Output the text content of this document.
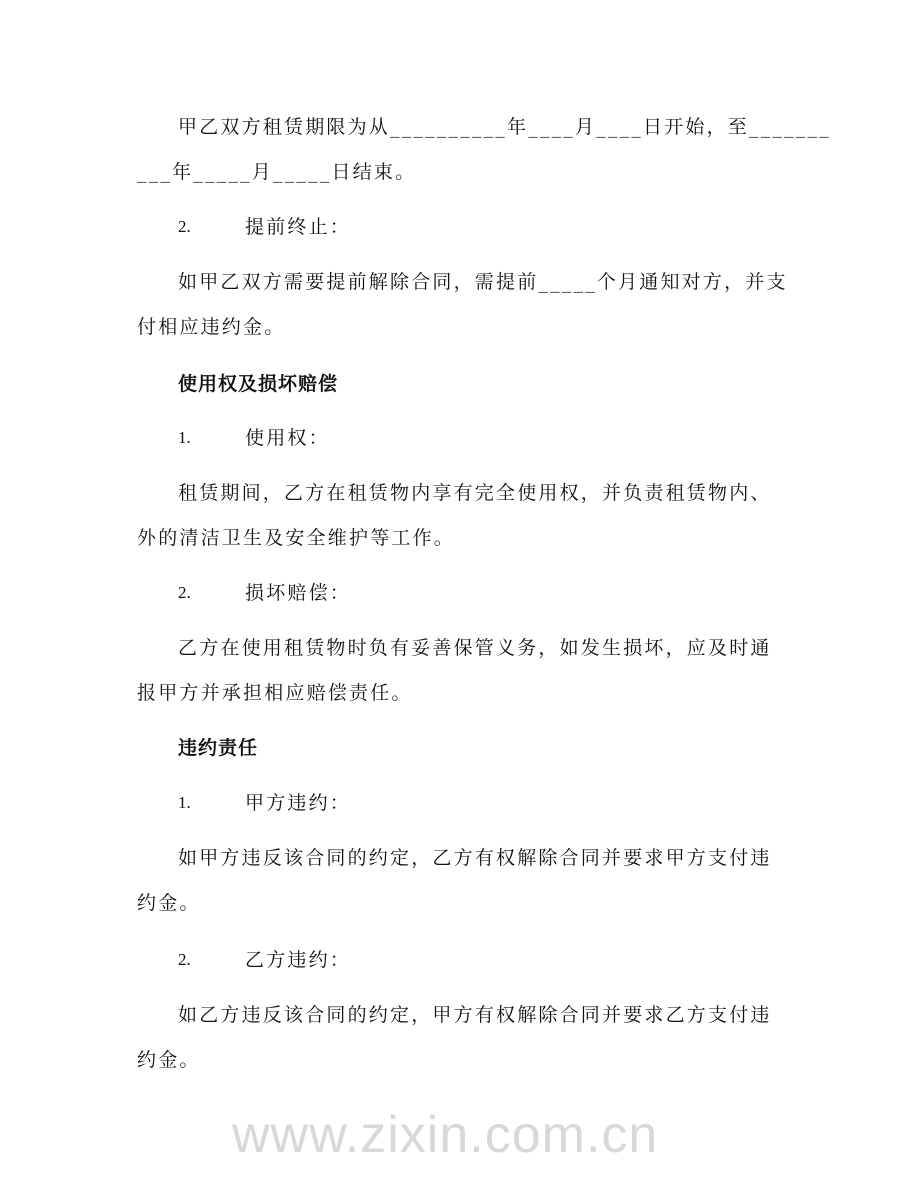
www.zixin.com.cn
甲乙双方租赁期限为从__________年____月____日开始，至_______
___年_____月_____日结束。
2.	提前终止：
如甲乙双方需要提前解除合同，需提前_____个月通知对方，并支
付相应违约金。
使用权及损坏赔偿
1.	使用权：
租赁期间，乙方在租赁物内享有完全使用权，并负责租赁物内、
外的清洁卫生及安全维护等工作。
2.	损坏赔偿：
乙方在使用租赁物时负有妥善保管义务，如发生损坏，应及时通
报甲方并承担相应赔偿责任。
违约责任
1.	甲方违约：
如甲方违反该合同的约定，乙方有权解除合同并要求甲方支付违
约金。
2.	乙方违约：
如乙方违反该合同的约定，甲方有权解除合同并要求乙方支付违
约金。
